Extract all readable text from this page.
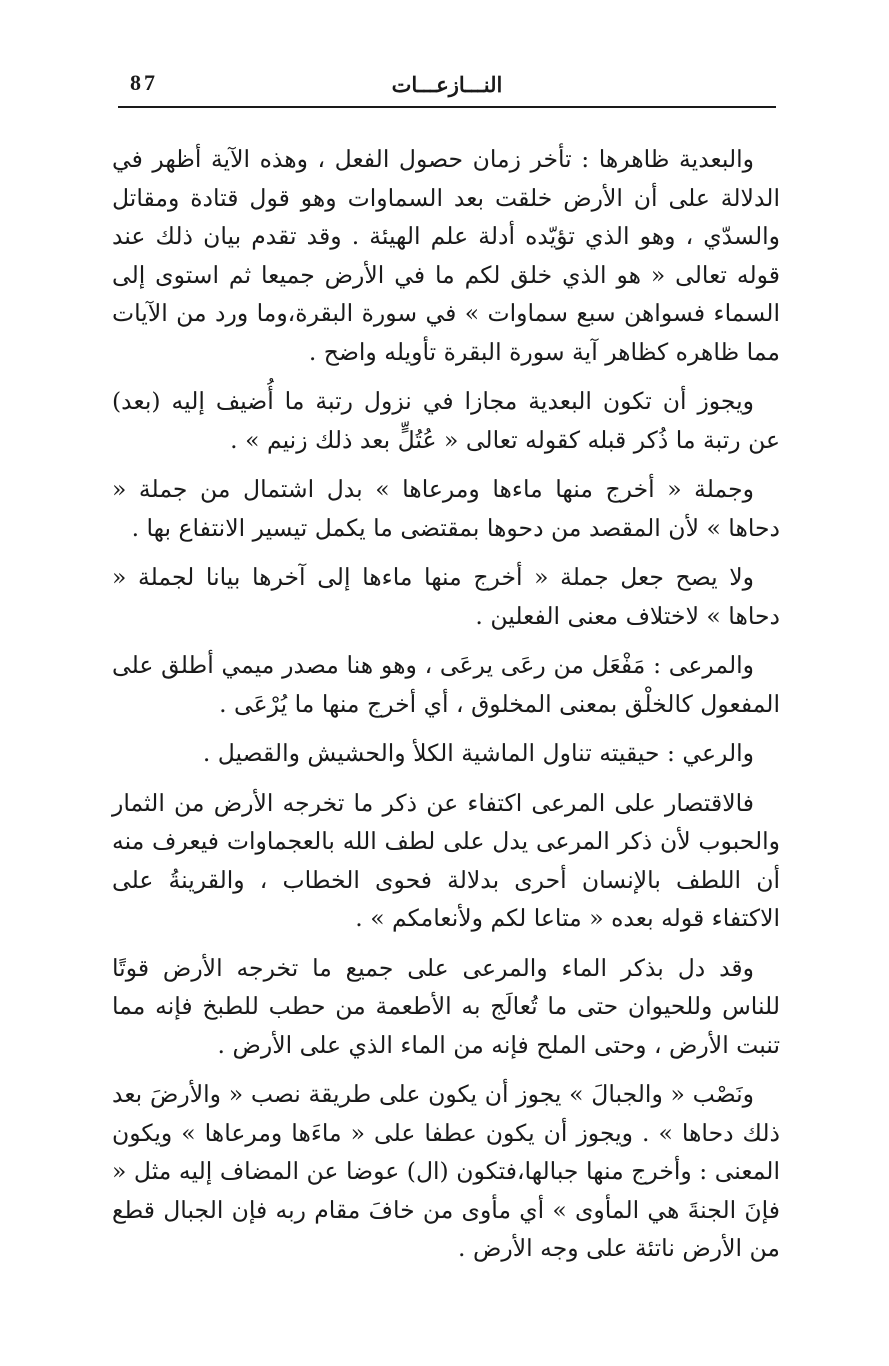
87	النـــازعـــات

والبعدية ظاهرها : تأخر زمان حصول الفعل ، وهذه الآية أظهر في الدلالة على أن الأرض خلقت بعد السماوات وهو قول قتادة ومقاتل والسدّي ، وهو الذي تؤيّده أدلة علم الهيئة . وقد تقدم بيان ذلك عند قوله تعالى « هو الذي خلق لكم ما في الأرض جميعا ثم استوى إلى السماء فسواهن سبع سماوات » في سورة البقرة،وما ورد من الآيات مما ظاهره كظاهر آية سورة البقرة تأويله واضح .

ويجوز أن تكون البعدية مجازا في نزول رتبة ما أُضيف إليه (بعد) عن رتبة ما ذُكر قبله كقوله تعالى « عُتُلٍّ بعد ذلك زنيم » .

وجملة « أخرج منها ماءها ومرعاها » بدل اشتمال من جملة « دحاها » لأن المقصد من دحوها بمقتضى ما يكمل تيسير الانتفاع بها .

ولا يصح جعل جملة « أخرج منها ماءها إلى آخرها بيانا لجملة « دحاها » لاختلاف معنى الفعلين .

والمرعى : مَفْعَل من رعَى يرعَى ، وهو هنا مصدر ميمي أطلق على المفعول كالخلْق بمعنى المخلوق ، أي أخرج منها ما يُرْعَى .

والرعي : حيقيته تناول الماشية الكلأ والحشيش والقصيل .

فالاقتصار على المرعى اكتفاء عن ذكر ما تخرجه الأرض من الثمار والحبوب لأن ذكر المرعى يدل على لطف الله بالعجماوات فيعرف منه أن اللطف بالإنسان أحرى بدلالة فحوى الخطاب ، والقرينةُ على الاكتفاء قوله بعده « متاعا لكم ولأنعامكم » .

وقد دل بذكر الماء والمرعى على جميع ما تخرجه الأرض قوتًا للناس وللحيوان حتى ما تُعالَج به الأطعمة من حطب للطبخ فإنه مما تنبت الأرض ، وحتى الملح فإنه من الماء الذي على الأرض .

ونَصْب « والجبالَ » يجوز أن يكون على طريقة نصب « والأرضَ بعد ذلك دحاها » . ويجوز أن يكون عطفا على « ماءَها ومرعاها » ويكون المعنى : وأخرج منها جبالها،فتكون (ال) عوضا عن المضاف إليه مثل « فإنَ الجنةَ هي المأوى » أي مأوى من خافَ مقام ربه فإن الجبال قطع من الأرض ناتئة على وجه الأرض .
